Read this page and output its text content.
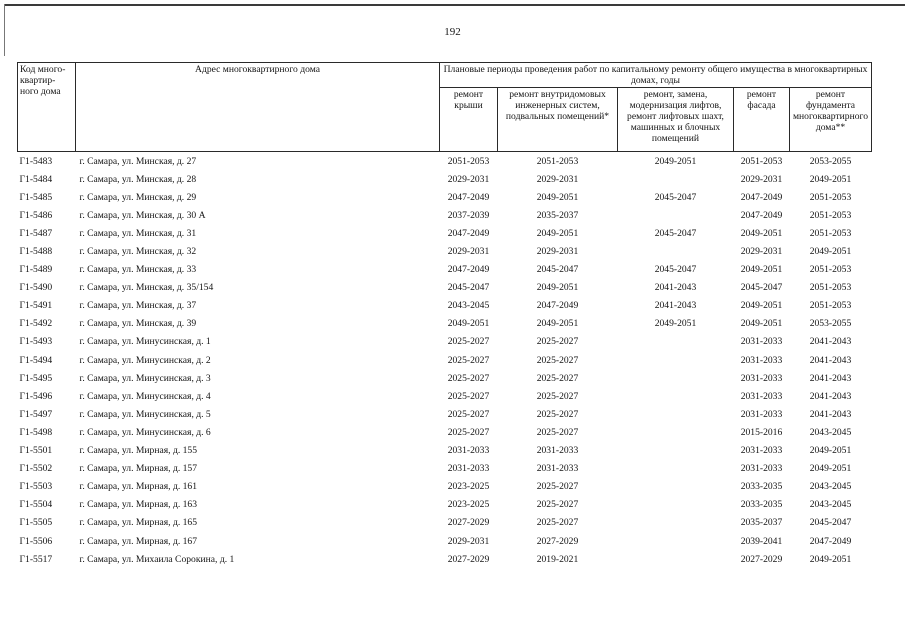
192
Код много-квартир-ного дома	Адрес многоквартирного дома	Плановые периоды проведения работ по капитальному ремонту общего имущества в многоквартирных домах, годы				
		ремонт крыши	ремонт внутридомовых инженерных систем, подвальных помещений*	ремонт, замена, модернизация лифтов, ремонт лифтовых шахт, машинных и блочных помещений	ремонт фасада	ремонт фундамента многоквартирного дома**
Г1-5483	г. Самара, ул. Минская, д. 27	2051-2053	2051-2053	2049-2051	2051-2053	2053-2055
Г1-5484	г. Самара, ул. Минская, д. 28	2029-2031	2029-2031		2029-2031	2049-2051
Г1-5485	г. Самара, ул. Минская, д. 29	2047-2049	2049-2051	2045-2047	2047-2049	2051-2053
Г1-5486	г. Самара, ул. Минская, д. 30 А	2037-2039	2035-2037		2047-2049	2051-2053
Г1-5487	г. Самара, ул. Минская, д. 31	2047-2049	2049-2051	2045-2047	2049-2051	2051-2053
Г1-5488	г. Самара, ул. Минская, д. 32	2029-2031	2029-2031		2029-2031	2049-2051
Г1-5489	г. Самара, ул. Минская, д. 33	2047-2049	2045-2047	2045-2047	2049-2051	2051-2053
Г1-5490	г. Самара, ул. Минская, д. 35/154	2045-2047	2049-2051	2041-2043	2045-2047	2051-2053
Г1-5491	г. Самара, ул. Минская, д. 37	2043-2045	2047-2049	2041-2043	2049-2051	2051-2053
Г1-5492	г. Самара, ул. Минская, д. 39	2049-2051	2049-2051	2049-2051	2049-2051	2053-2055
Г1-5493	г. Самара, ул. Минусинская, д. 1	2025-2027	2025-2027		2031-2033	2041-2043
Г1-5494	г. Самара, ул. Минусинская, д. 2	2025-2027	2025-2027		2031-2033	2041-2043
Г1-5495	г. Самара, ул. Минусинская, д. 3	2025-2027	2025-2027		2031-2033	2041-2043
Г1-5496	г. Самара, ул. Минусинская, д. 4	2025-2027	2025-2027		2031-2033	2041-2043
Г1-5497	г. Самара, ул. Минусинская, д. 5	2025-2027	2025-2027		2031-2033	2041-2043
Г1-5498	г. Самара, ул. Минусинская, д. 6	2025-2027	2025-2027		2015-2016	2043-2045
Г1-5501	г. Самара, ул. Мирная, д. 155	2031-2033	2031-2033		2031-2033	2049-2051
Г1-5502	г. Самара, ул. Мирная, д. 157	2031-2033	2031-2033		2031-2033	2049-2051
Г1-5503	г. Самара, ул. Мирная, д. 161	2023-2025	2025-2027		2033-2035	2043-2045
Г1-5504	г. Самара, ул. Мирная, д. 163	2023-2025	2025-2027		2033-2035	2043-2045
Г1-5505	г. Самара, ул. Мирная, д. 165	2027-2029	2025-2027		2035-2037	2045-2047
Г1-5506	г. Самара, ул. Мирная, д. 167	2029-2031	2027-2029		2039-2041	2047-2049
Г1-5517	г. Самара, ул. Михаила Сорокина, д. 1	2027-2029	2019-2021		2027-2029	2049-2051
